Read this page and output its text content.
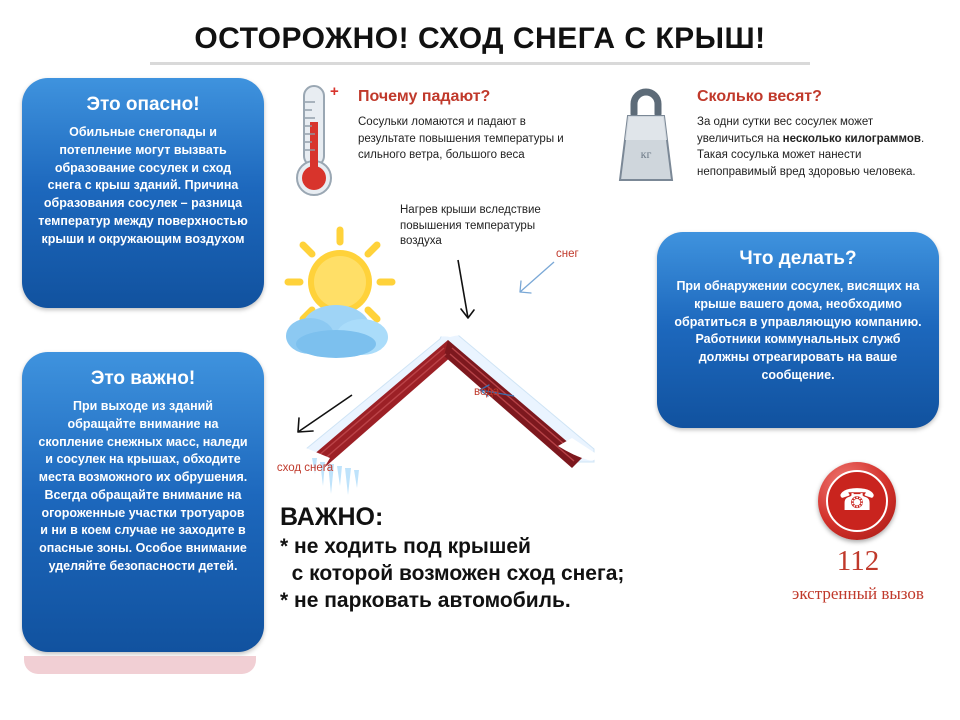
ОСТОРОЖНО! СХОД СНЕГА С КРЫШ!
+
кг
Почему падают?
Сосульки ломаются и падают в результате повышения температуры и сильного ветра, большого веса
Сколько весят?
За одни сутки вес сосулек может увеличиться на несколько килограммов. Такая сосулька может нанести непоправимый вред здоровью человека.
Это опасно!

Обильные снегопады и потепление могут вызвать образование сосулек и сход снега с крыш зданий. Причина образования сосулек – разница температур между поверхностью крыши и окружающим воздухом

Это важно!

При выходе из зданий обращайте внимание на скопление снежных масс, наледи и сосулек на крышах, обходите места возможного их обрушения. Всегда обращайте внимание на огороженные участки тротуаров и ни в коем случае не заходите в опасные зоны. Особое внимание уделяйте безопасности детей.

Что делать?

При обнаружении сосулек, висящих на крыше вашего дома, необходимо обратиться в управляющую компанию. Работники коммунальных служб должны отреагировать на ваше сообщение.

Нагрев крыши вследствие повышения температуры воздуха
снег
вода
сход снега
ВАЖНО:
* не ходить под крышей
с которой возможен сход снега;
* не парковать автомобиль.
☎
112
экстренный вызов
